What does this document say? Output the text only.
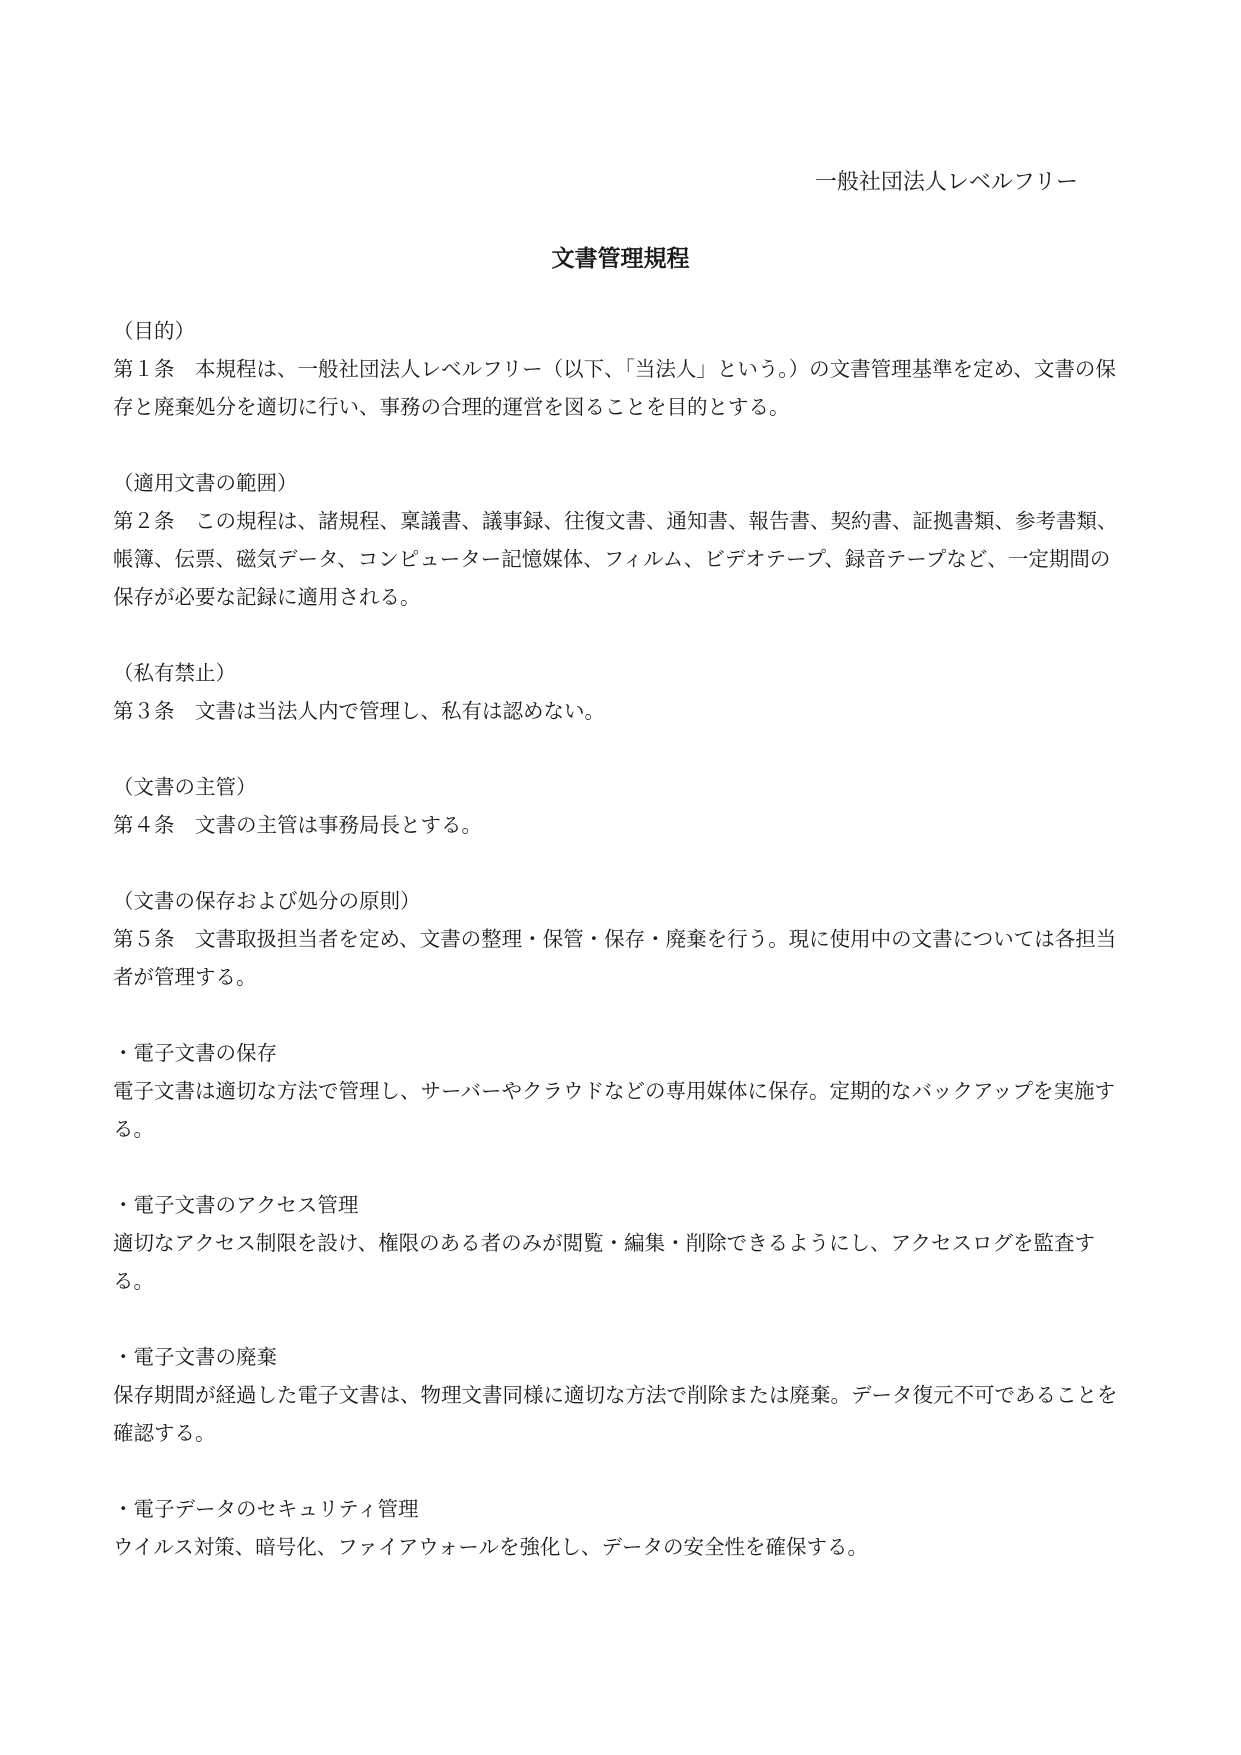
一般社団法人レベルフリー
文書管理規程

（目的）

第１条　本規程は、一般社団法人レベルフリー（以下、「当法人」という。）の文書管理基準を定め、文書の保存と廃棄処分を適切に行い、事務の合理的運営を図ることを目的とする。

（適用文書の範囲）

第２条　この規程は、諸規程、稟議書、議事録、往復文書、通知書、報告書、契約書、証拠書類、参考書類、帳簿、伝票、磁気データ、コンピューター記憶媒体、フィルム、ビデオテープ、録音テープなど、一定期間の保存が必要な記録に適用される。

（私有禁止）

第３条　文書は当法人内で管理し、私有は認めない。

（文書の主管）

第４条　文書の主管は事務局長とする。

（文書の保存および処分の原則）

第５条　文書取扱担当者を定め、文書の整理・保管・保存・廃棄を行う。現に使用中の文書については各担当者が管理する。

・電子文書の保存

電子文書は適切な方法で管理し、サーバーやクラウドなどの専用媒体に保存。定期的なバックアップを実施する。

・電子文書のアクセス管理

適切なアクセス制限を設け、権限のある者のみが閲覧・編集・削除できるようにし、アクセスログを監査する。

・電子文書の廃棄

保存期間が経過した電子文書は、物理文書同様に適切な方法で削除または廃棄。データ復元不可であることを確認する。

・電子データのセキュリティ管理

ウイルス対策、暗号化、ファイアウォールを強化し、データの安全性を確保する。
